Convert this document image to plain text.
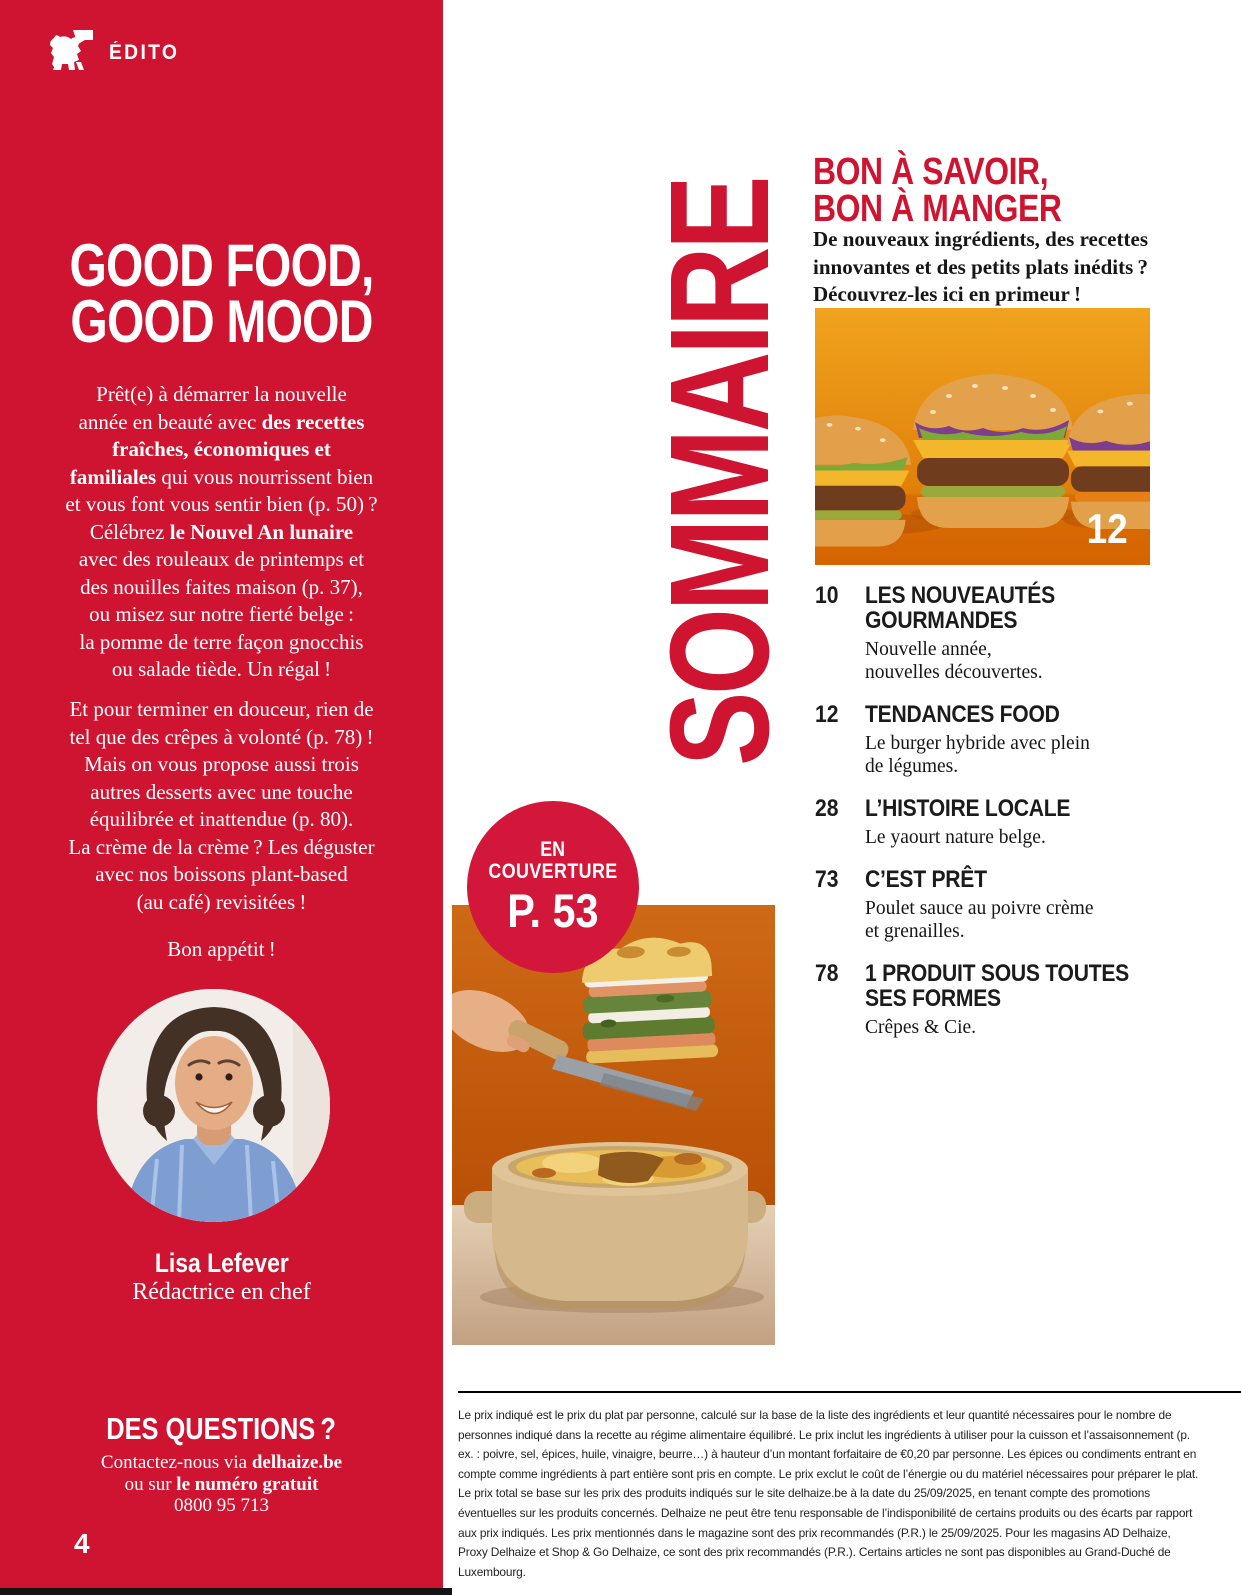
ÉDITO
GOOD FOOD,
GOOD MOOD
Prêt(e) à démarrer la nouvelle
année en beauté avec des recettes
fraîches, économiques et
familiales qui vous nourrissent bien
et vous font vous sentir bien (p. 50) ?
Célébrez le Nouvel An lunaire
avec des rouleaux de printemps et
des nouilles faites maison (p. 37),
ou misez sur notre fierté belge :
la pomme de terre façon gnocchis
ou salade tiède. Un régal !
Et pour terminer en douceur, rien de
tel que des crêpes à volonté (p. 78) !
Mais on vous propose aussi trois
autres desserts avec une touche
équilibrée et inattendue (p. 80).
La crème de la crème ? Les déguster
avec nos boissons plant-based
(au café) revisitées !
Bon appétit !
Lisa Lefever
Rédactrice en chef
DES QUESTIONS ?
Contactez-nous via delhaize.be
ou sur le numéro gratuit
0800 95 713
4
SOMMAIRE
BON À SAVOIR,
BON À MANGER
De nouveaux ingrédients, des recettes
innovantes et des petits plats inédits ?
Découvrez-les ici en primeur !
12
10	LES NOUVEAUTÉS
GOURMANDES
Nouvelle année,
nouvelles découvertes.
12	TENDANCES FOOD
Le burger hybride avec plein
de légumes.
28	L’HISTOIRE LOCALE
Le yaourt nature belge.
73	C’EST PRÊT
Poulet sauce au poivre crème
et grenailles.
78	1 PRODUIT SOUS TOUTES
SES FORMES
Crêpes & Cie.
EN
COUVERTURE
P. 53
Le prix indiqué est le prix du plat par personne, calculé sur la base de la liste des ingrédients et leur quantité nécessaires pour le nombre de personnes indiqué dans la recette au régime alimentaire équilibré. Le prix inclut les ingrédients à utiliser pour la cuisson et l’assaisonnement (p. ex. : poivre, sel, épices, huile, vinaigre, beurre…) à hauteur d’un montant forfaitaire de €0,20 par personne. Les épices ou condiments entrant en compte comme ingrédients à part entière sont pris en compte. Le prix exclut le coût de l’énergie ou du matériel nécessaires pour préparer le plat. Le prix total se base sur les prix des produits indiqués sur le site delhaize.be à la date du 25/09/2025, en tenant compte des promotions éventuelles sur les produits concernés. Delhaize ne peut être tenu responsable de l’indisponibilité de certains produits ou des écarts par rapport aux prix indiqués. Les prix mentionnés dans le magazine sont des prix recommandés (P.R.) le 25/09/2025. Pour les magasins AD Delhaize, Proxy Delhaize et Shop & Go Delhaize, ce sont des prix recommandés (P.R.). Certains articles ne sont pas disponibles au Grand-Duché de Luxembourg.
